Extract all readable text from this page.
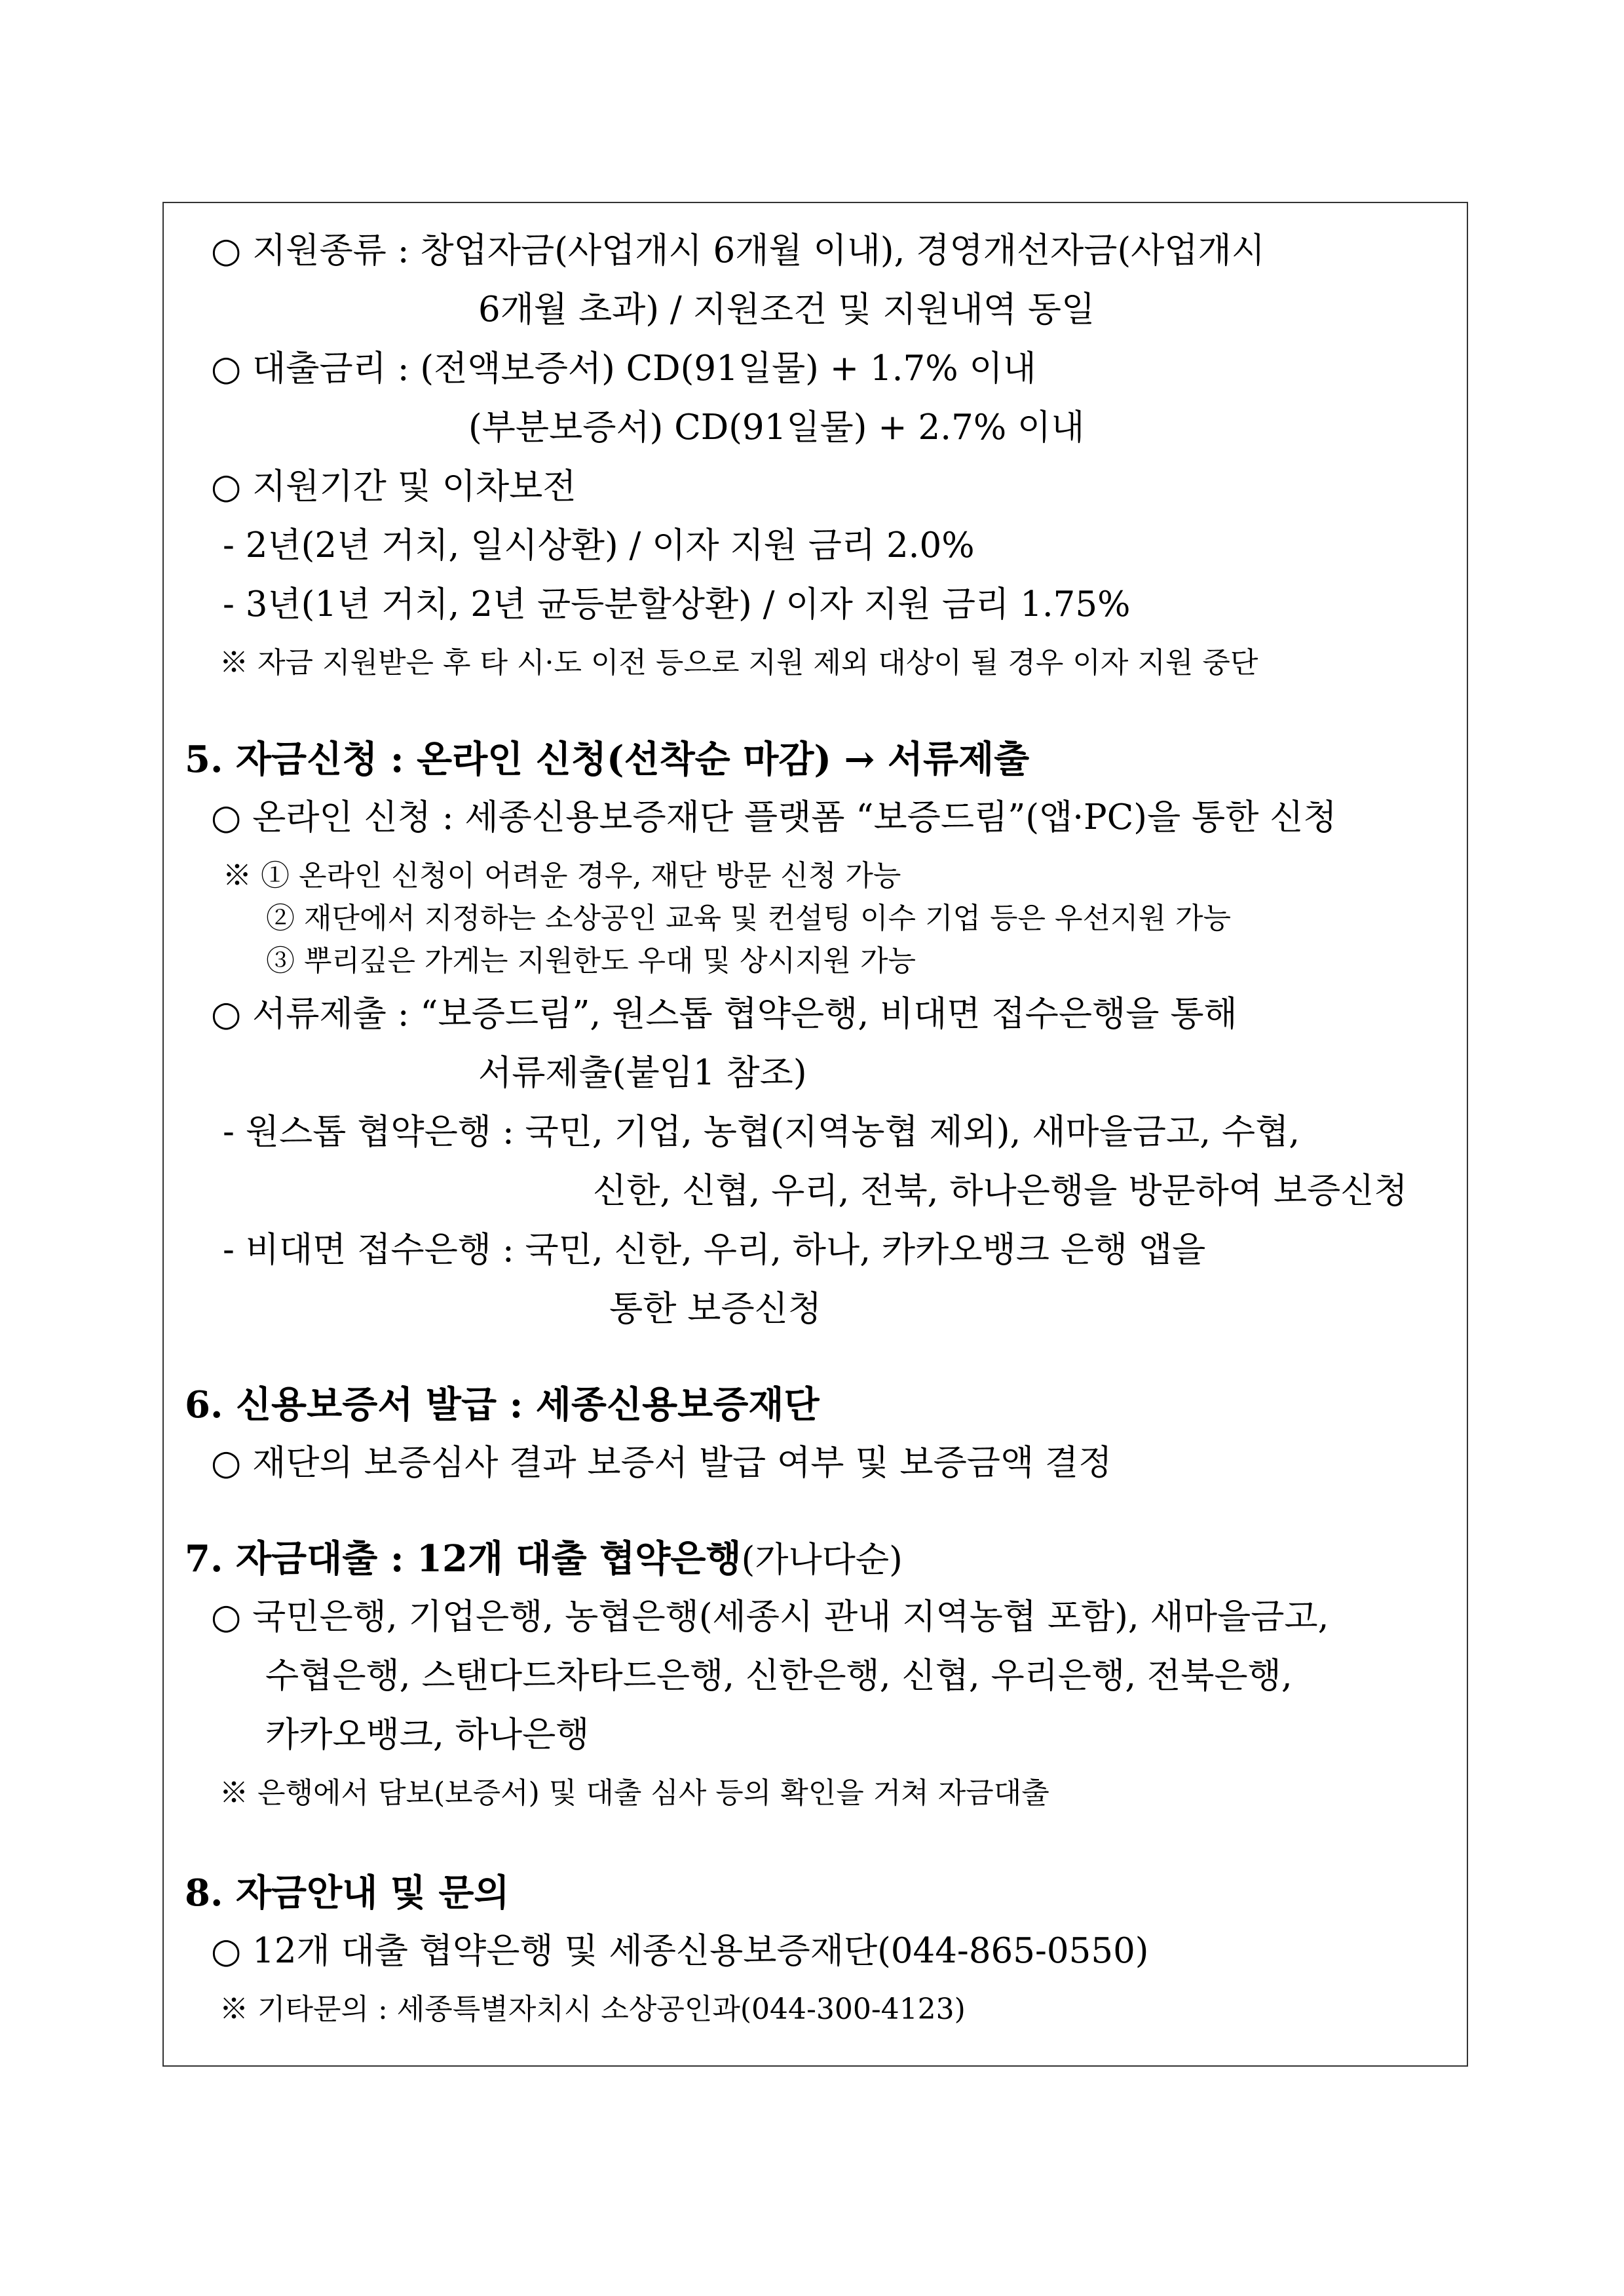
○ 지원종류 : 창업자금(사업개시 6개월 이내), 경영개선자금(사업개시
6개월 초과) / 지원조건 및 지원내역 동일
○ 대출금리 : (전액보증서) CD(91일물) + 1.7% 이내
(부분보증서) CD(91일물) + 2.7% 이내
○ 지원기간 및 이차보전
- 2년(2년 거치, 일시상환) / 이자 지원 금리 2.0%
- 3년(1년 거치, 2년 균등분할상환) / 이자 지원 금리 1.75%
※ 자금 지원받은 후 타 시·도 이전 등으로 지원 제외 대상이 될 경우 이자 지원 중단
5. 자금신청 : 온라인 신청(선착순 마감) → 서류제출
○ 온라인 신청 : 세종신용보증재단 플랫폼 “보증드림”(앱·PC)을 통한 신청
※ ① 온라인 신청이 어려운 경우, 재단 방문 신청 가능
② 재단에서 지정하는 소상공인 교육 및 컨설팅 이수 기업 등은 우선지원 가능
③ 뿌리깊은 가게는 지원한도 우대 및 상시지원 가능
○ 서류제출 : “보증드림”, 원스톱 협약은행, 비대면 접수은행을 통해
서류제출(붙임1 참조)
- 원스톱 협약은행 : 국민, 기업, 농협(지역농협 제외), 새마을금고, 수협,
신한, 신협, 우리, 전북, 하나은행을 방문하여 보증신청
- 비대면 접수은행 : 국민, 신한, 우리, 하나, 카카오뱅크 은행 앱을
통한 보증신청
6. 신용보증서 발급 : 세종신용보증재단
○ 재단의 보증심사 결과 보증서 발급 여부 및 보증금액 결정
7. 자금대출 : 12개 대출 협약은행(가나다순)
○ 국민은행, 기업은행, 농협은행(세종시 관내 지역농협 포함), 새마을금고,
수협은행, 스탠다드차타드은행, 신한은행, 신협, 우리은행, 전북은행,
카카오뱅크, 하나은행
※ 은행에서 담보(보증서) 및 대출 심사 등의 확인을 거쳐 자금대출
8. 자금안내 및 문의
○ 12개 대출 협약은행 및 세종신용보증재단(044-865-0550)
※ 기타문의 : 세종특별자치시 소상공인과(044-300-4123)
